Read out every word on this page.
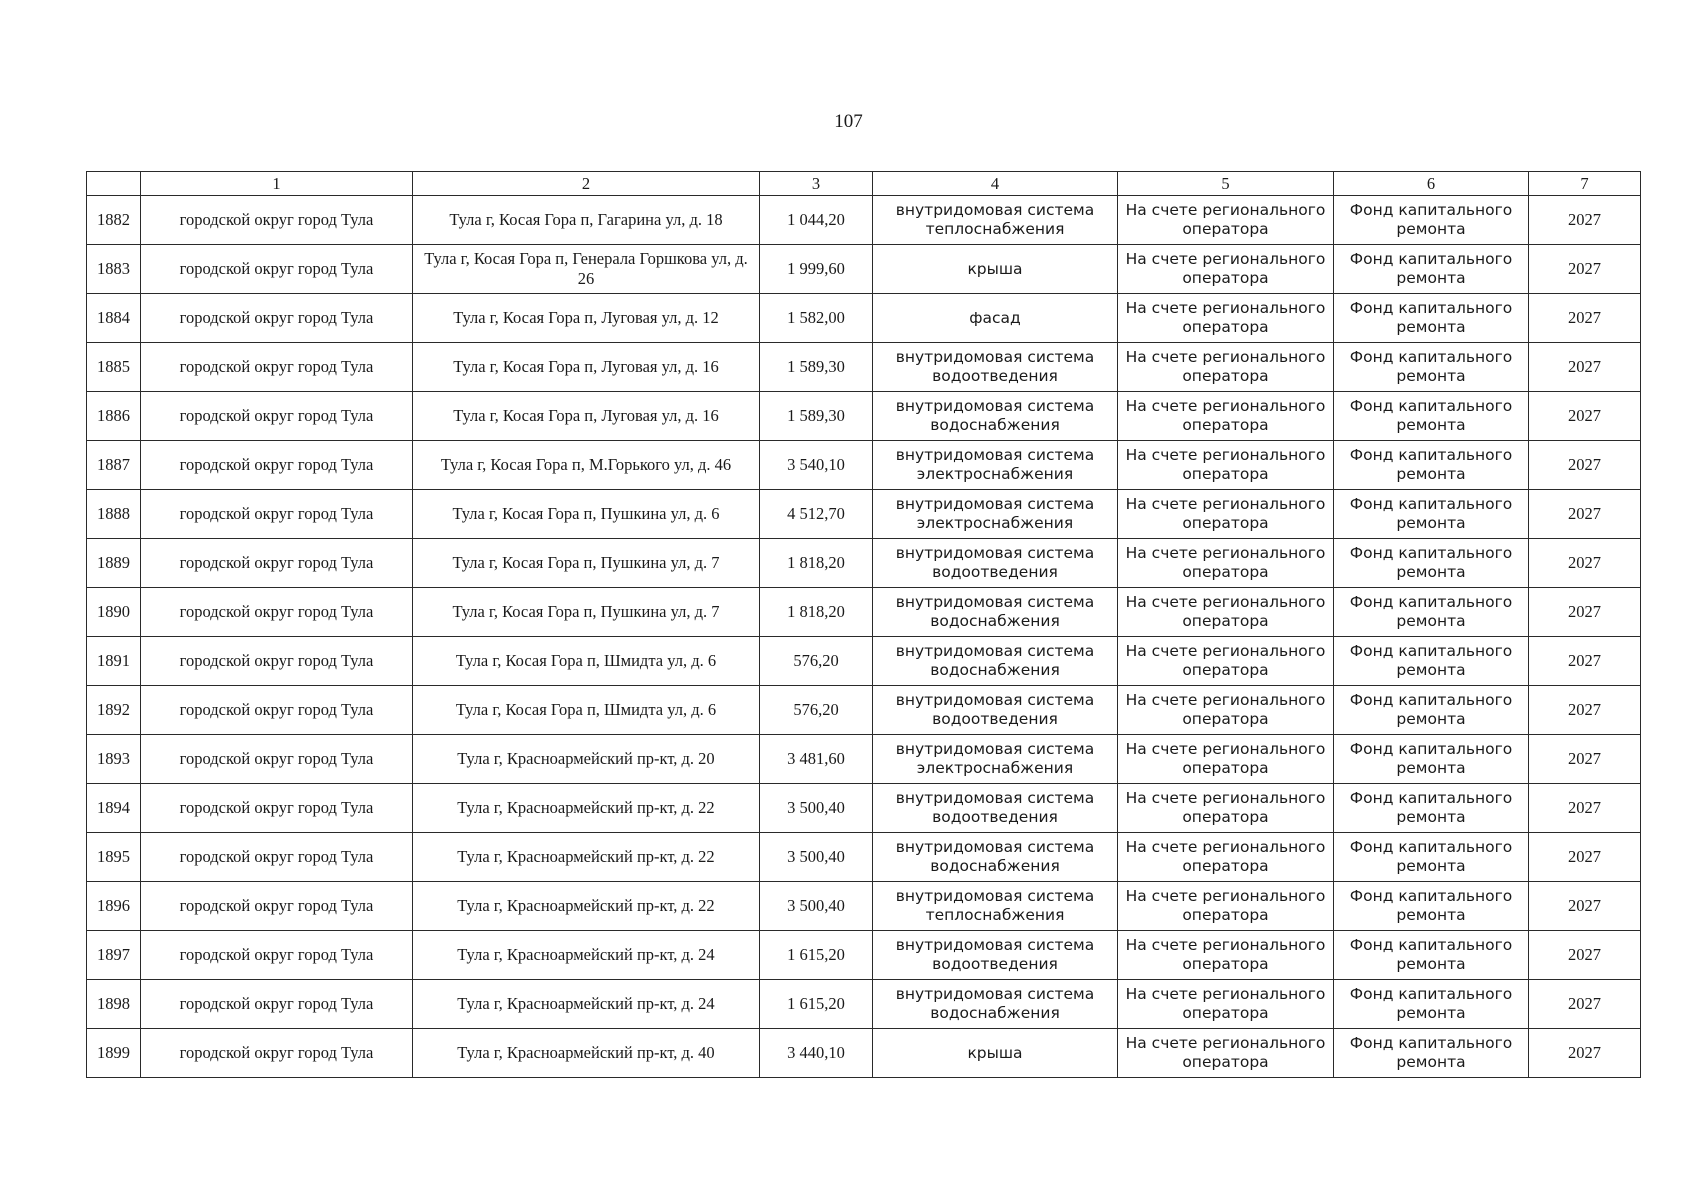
107
	1	2	3	4	5	6	7
1882	городской округ город Тула	Тула г, Косая Гора п, Гагарина ул, д. 18	1 044,20	внутридомовая система теплоснабжения	На счете регионального оператора	Фонд капитального ремонта	2027
1883	городской округ город Тула	Тула г, Косая Гора п, Генерала Горшкова ул, д. 26	1 999,60	крыша	На счете регионального оператора	Фонд капитального ремонта	2027
1884	городской округ город Тула	Тула г, Косая Гора п, Луговая ул, д. 12	1 582,00	фасад	На счете регионального оператора	Фонд капитального ремонта	2027
1885	городской округ город Тула	Тула г, Косая Гора п, Луговая ул, д. 16	1 589,30	внутридомовая система водоотведения	На счете регионального оператора	Фонд капитального ремонта	2027
1886	городской округ город Тула	Тула г, Косая Гора п, Луговая ул, д. 16	1 589,30	внутридомовая система водоснабжения	На счете регионального оператора	Фонд капитального ремонта	2027
1887	городской округ город Тула	Тула г, Косая Гора п, М.Горького ул, д. 46	3 540,10	внутридомовая система электроснабжения	На счете регионального оператора	Фонд капитального ремонта	2027
1888	городской округ город Тула	Тула г, Косая Гора п, Пушкина ул, д. 6	4 512,70	внутридомовая система электроснабжения	На счете регионального оператора	Фонд капитального ремонта	2027
1889	городской округ город Тула	Тула г, Косая Гора п, Пушкина ул, д. 7	1 818,20	внутридомовая система водоотведения	На счете регионального оператора	Фонд капитального ремонта	2027
1890	городской округ город Тула	Тула г, Косая Гора п, Пушкина ул, д. 7	1 818,20	внутридомовая система водоснабжения	На счете регионального оператора	Фонд капитального ремонта	2027
1891	городской округ город Тула	Тула г, Косая Гора п, Шмидта ул, д. 6	576,20	внутридомовая система водоснабжения	На счете регионального оператора	Фонд капитального ремонта	2027
1892	городской округ город Тула	Тула г, Косая Гора п, Шмидта ул, д. 6	576,20	внутридомовая система водоотведения	На счете регионального оператора	Фонд капитального ремонта	2027
1893	городской округ город Тула	Тула г, Красноармейский пр-кт, д. 20	3 481,60	внутридомовая система электроснабжения	На счете регионального оператора	Фонд капитального ремонта	2027
1894	городской округ город Тула	Тула г, Красноармейский пр-кт, д. 22	3 500,40	внутридомовая система водоотведения	На счете регионального оператора	Фонд капитального ремонта	2027
1895	городской округ город Тула	Тула г, Красноармейский пр-кт, д. 22	3 500,40	внутридомовая система водоснабжения	На счете регионального оператора	Фонд капитального ремонта	2027
1896	городской округ город Тула	Тула г, Красноармейский пр-кт, д. 22	3 500,40	внутридомовая система теплоснабжения	На счете регионального оператора	Фонд капитального ремонта	2027
1897	городской округ город Тула	Тула г, Красноармейский пр-кт, д. 24	1 615,20	внутридомовая система водоотведения	На счете регионального оператора	Фонд капитального ремонта	2027
1898	городской округ город Тула	Тула г, Красноармейский пр-кт, д. 24	1 615,20	внутридомовая система водоснабжения	На счете регионального оператора	Фонд капитального ремонта	2027
1899	городской округ город Тула	Тула г, Красноармейский пр-кт, д. 40	3 440,10	крыша	На счете регионального оператора	Фонд капитального ремонта	2027
